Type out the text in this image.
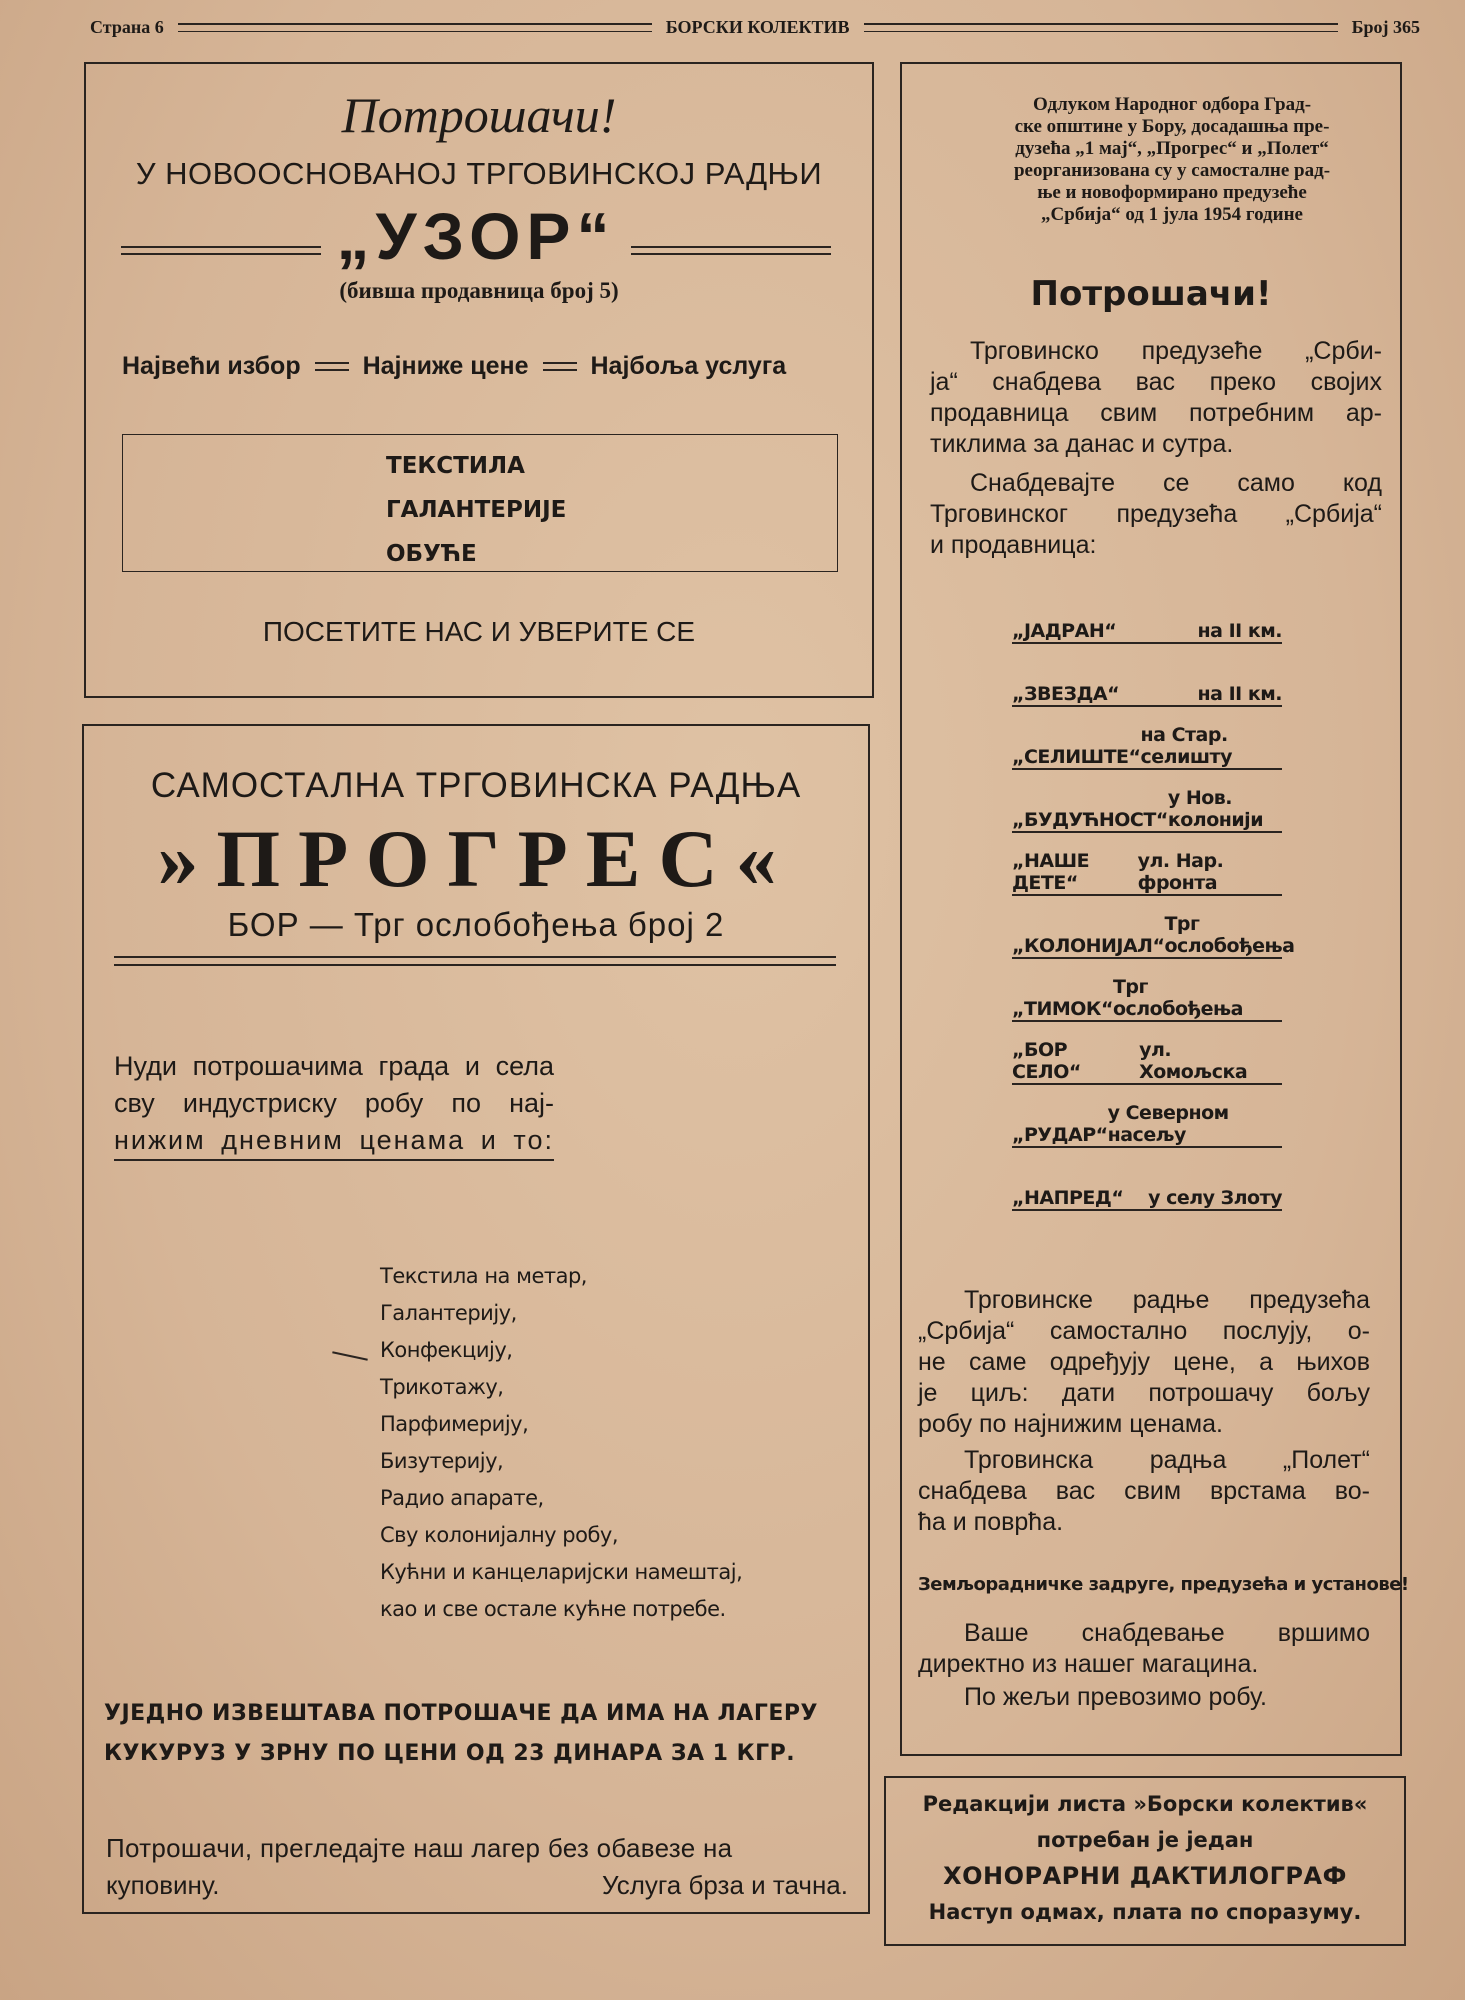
Страна 6	БОРСКИ КОЛЕКТИВ	Број 365
Потрошачи!
У НОВООСНОВАНОЈ ТРГОВИНСКОЈ РАДЊИ
„УЗОР“
(бивша продавница број 5)
Највећи избор Најниже цене Најбоља услуга
ТЕКСТИЛА
ГАЛАНТЕРИЈЕ
ОБУЋЕ
ПОСЕТИТЕ НАС И УВЕРИТЕ СЕ
САМОСТАЛНА ТРГОВИНСКА РАДЊА
»ПРОГРЕС«
БОР — Трг ослобођења број 2
Нуди потрошачима града и села
сву индустриску робу по нај-
нижим дневним ценама и то:
Текстила на метар,
Галантерију,
Конфекцију,
Трикотажу,
Парфимерију,
Бизутерију,
Радио апарате,
Сву колонијалну робу,
Кућни и канцеларијски намештај,
као и све остале кућне потребе.
УЈЕДНО ИЗВЕШТАВА ПОТРОШАЧЕ ДА ИМА НА ЛАГЕРУ
КУКУРУЗ У ЗРНУ ПО ЦЕНИ ОД 23 ДИНАРА ЗА 1 КГР.
Потрошачи, прегледајте наш лагер без обавезе на
куповину.	Услуга брза и тачна.
Одлуком Народног одбора Град-
ске општине у Бору, досадашња пре-
дузећа „1 мај“, „Прогрес“ и „Полет“
реорганизована су у самосталне рад-
ње и новоформирано предузеће
„Србија“ од 1 јула 1954 године
Потрошачи!
Трговинско предузеће „Срби-
ја“ снабдева вас преко својих
продавница свим потребним ар-
тиклима за данас и сутра.
Снабдевајте се само код
Трговинског предузећа „Србија“
и продавница:
„ЈАДРАН“	на II км.
„ЗВЕЗДА“	на II км.
„СЕЛИШТЕ“
на Стар. селишту
„БУДУЋНОСТ“
у Нов. колонији
„НАШЕ ДЕТЕ“
ул. Нар. фронта
„КОЛОНИЈАЛ“
Трг ослобођења
„ТИМОК“
Трг ослобођења
„БОР СЕЛО“
ул. Хомољска
„РУДАР“
у Северном насељу
„НАПРЕД“ у селу Злоту
Трговинске радње предузећа
„Србија“ самостално послују, о-
не саме одређују цене, а њихов
је циљ: дати потрошачу бољу
робу по најнижим ценама.
Трговинска радња „Полет“
снабдева вас свим врстама во-
ћа и поврћа.
Земљорадничке задруге, предузећа и установе!
Ваше снабдевање вршимо
директно из нашег магацина.
По жељи превозимо робу.
Редакцији листа »Борски колектив«
потребан је један
ХОНОРАРНИ ДАКТИЛОГРАФ
Наступ одмах, плата по споразуму.
